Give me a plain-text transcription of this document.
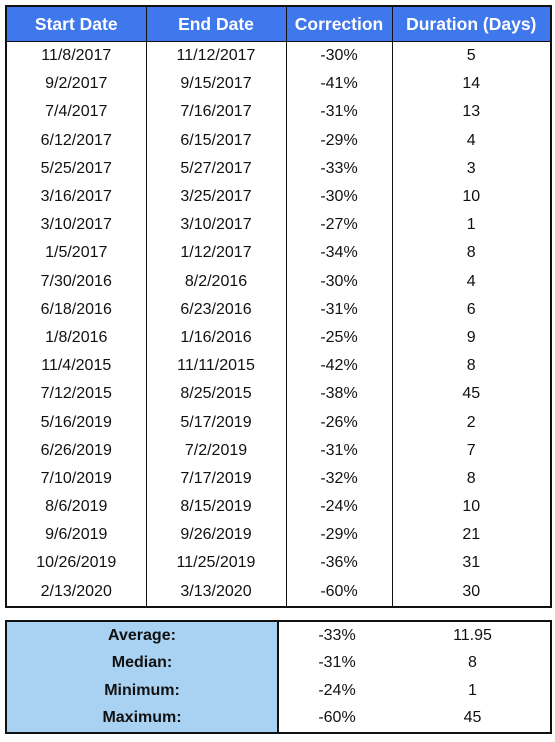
Start Date	End Date	Correction	Duration (Days)
11/8/2017	11/12/2017	-30%	5
9/2/2017	9/15/2017	-41%	14
7/4/2017	7/16/2017	-31%	13
6/12/2017	6/15/2017	-29%	4
5/25/2017	5/27/2017	-33%	3
3/16/2017	3/25/2017	-30%	10
3/10/2017	3/10/2017	-27%	1
1/5/2017	1/12/2017	-34%	8
7/30/2016	8/2/2016	-30%	4
6/18/2016	6/23/2016	-31%	6
1/8/2016	1/16/2016	-25%	9
11/4/2015	11/11/2015	-42%	8
7/12/2015	8/25/2015	-38%	45
5/16/2019	5/17/2019	-26%	2
6/26/2019	7/2/2019	-31%	7
7/10/2019	7/17/2019	-32%	8
8/6/2019	8/15/2019	-24%	10
9/6/2019	9/26/2019	-29%	21
10/26/2019	11/25/2019	-36%	31
2/13/2020	3/13/2020	-60%	30
Average:	-33%	11.95
Median:	-31%	8
Minimum:	-24%	1
Maximum:	-60%	45
